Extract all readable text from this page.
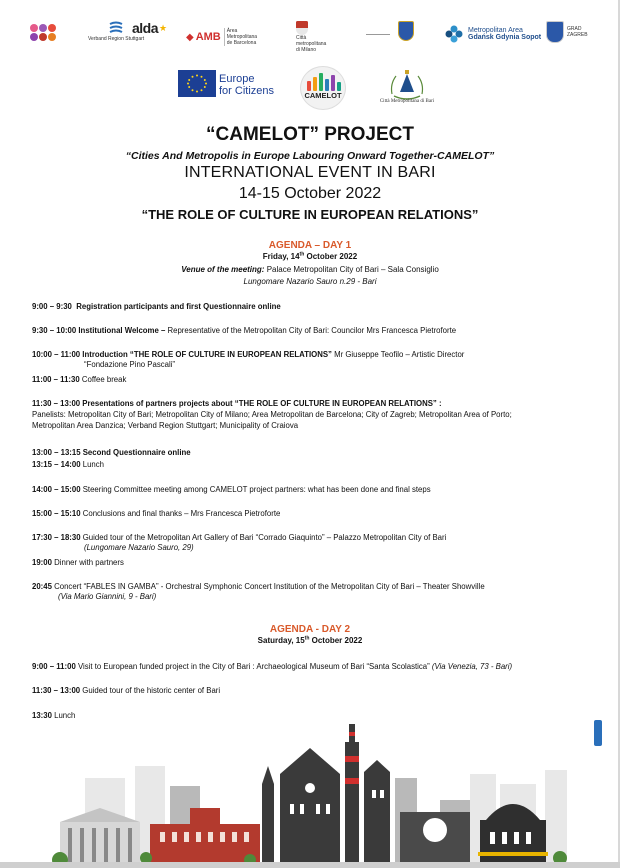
Verband Region Stuttgart
alda ★
◆ AMB	Àrea Metropolitana de Barcelona
Città metropolitana di Milano
Metropolitan Area
Gdańsk Gdynia Sopot
GRAD ZAGREB
Europe
for Citizens	CAMELOT
Città Metropolitana di Bari
“CAMELOT” PROJECT
“Cities And Metropolis in Europe Labouring Onward Together-CAMELOT”
INTERNATIONAL EVENT IN BARI
14-15 October 2022
“THE ROLE OF CULTURE IN EUROPEAN RELATIONS”
AGENDA – DAY 1
Friday, 14th October 2022
Venue of the meeting: Palace Metropolitan City of Bari – Sala Consiglio
Lungomare Nazario Sauro n.29 - Bari
9:00 – 9:30 Registration participants and first Questionnaire online
9:30 – 10:00 Institutional Welcome – Representative of the Metropolitan City of Bari: Councilor Mrs Francesca Pietroforte
10:00 – 11:00 Introduction “THE ROLE OF CULTURE IN EUROPEAN RELATIONS” Mr Giuseppe Teofilo – Artistic Director
“Fondazione Pino Pascali”
11:00 – 11:30 Coffee break
11:30 – 13:00 Presentations of partners projects about “THE ROLE OF CULTURE IN EUROPEAN RELATIONS” :
Panelists: Metropolitan City of Bari; Metropolitan City of Milano; Area Metropolitan de Barcelona; City of Zagreb; Metropolitan Area of Porto;
Metropolitan Area Danzica; Verband Region Stuttgart; Municipality of Craiova
13:00 – 13:15 Second Questionnaire online
13:15 – 14:00 Lunch
14:00 – 15:00 Steering Committee meeting among CAMELOT project partners: what has been done and final steps
15:00 – 15:10 Conclusions and final thanks – Mrs Francesca Pietroforte
17:30 – 18:30 Guided tour of the Metropolitan Art Gallery of Bari “Corrado Giaquinto” – Palazzo Metropolitan City of Bari
(Lungomare Nazario Sauro, 29)
19:00 Dinner with partners
20:45 Concert “FABLES IN GAMBA” - Orchestral Symphonic Concert Institution of the Metropolitan City of Bari – Theater Showville
(Via Mario Giannini, 9 - Bari)
AGENDA - DAY 2
Saturday, 15th October 2022
9:00 – 11:00 Visit to European funded project in the City of Bari : Archaeological Museum of Bari “Santa Scolastica” (Via Venezia, 73 - Bari)
11:30 – 13:00 Guided tour of the historic center of Bari
13:30 Lunch
